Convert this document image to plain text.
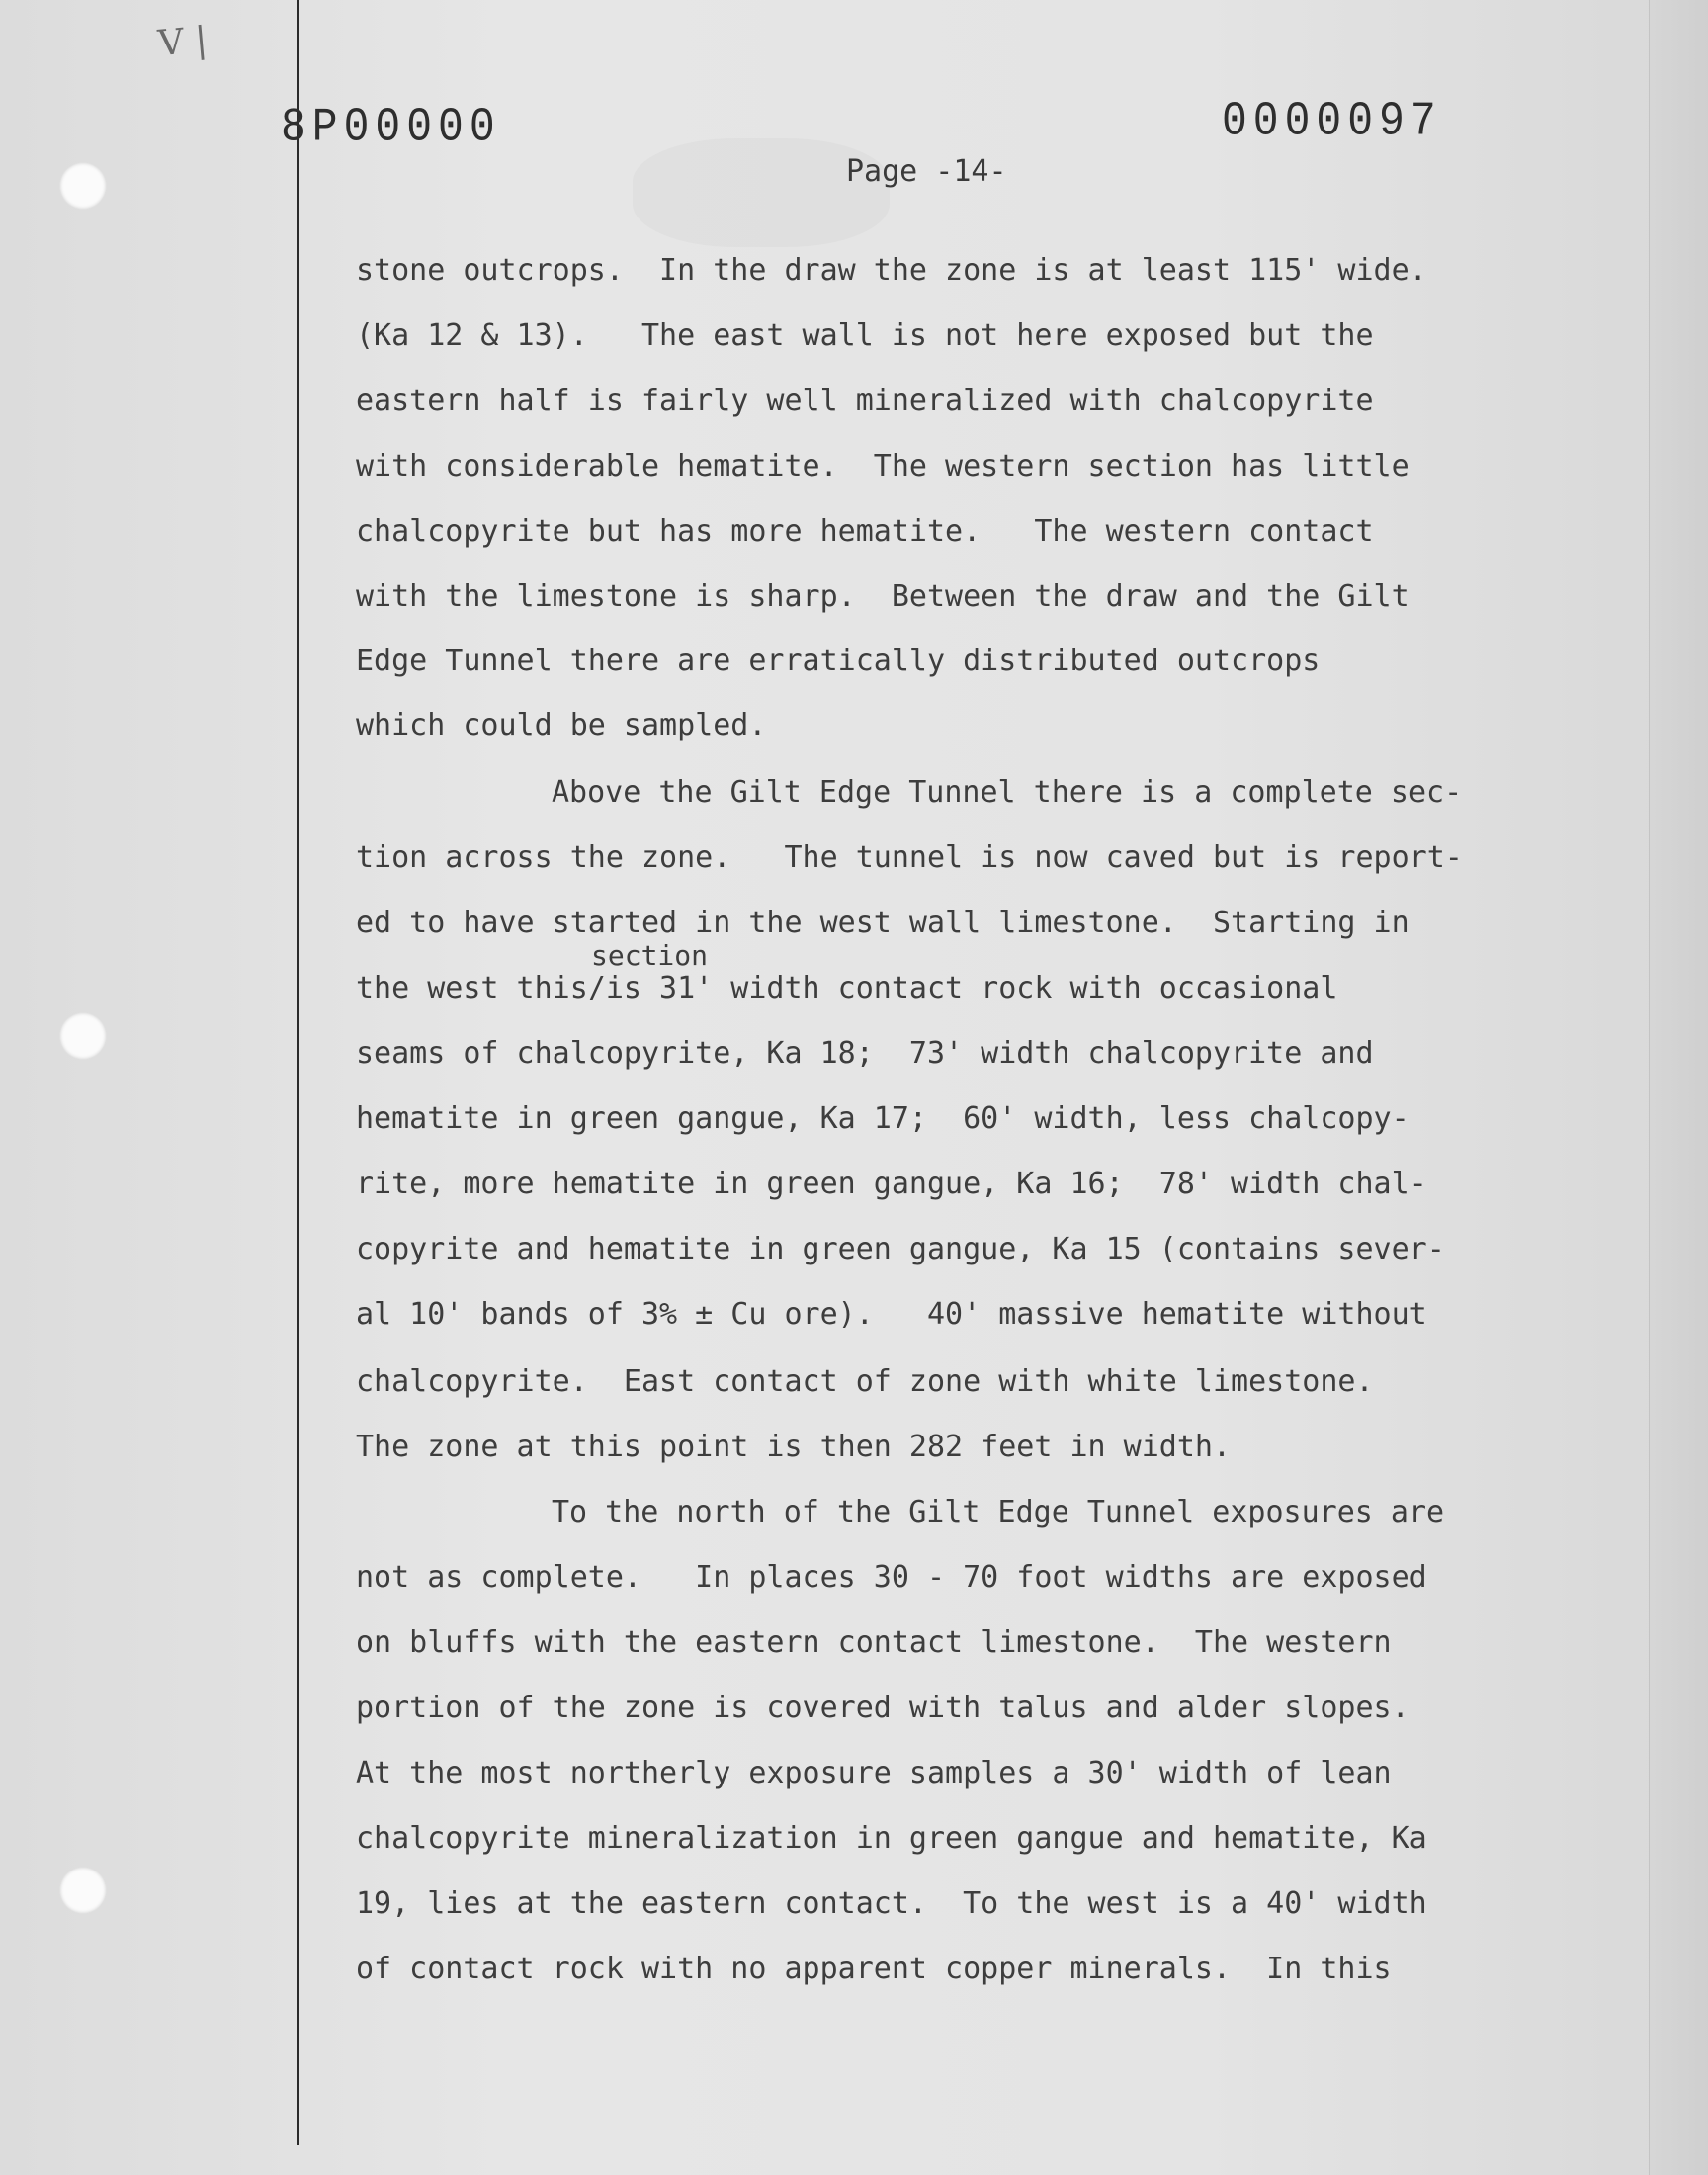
V |
8P00000	0000097
Page -14-
stone outcrops.  In the draw the zone is at least 115' wide.
(Ka 12 & 13).   The east wall is not here exposed but the
eastern half is fairly well mineralized with chalcopyrite
with considerable hematite.  The western section has little
chalcopyrite but has more hematite.   The western contact
with the limestone is sharp.  Between the draw and the Gilt
Edge Tunnel there are erratically distributed outcrops
which could be sampled.
Above the Gilt Edge Tunnel there is a complete sec-
tion across the zone.   The tunnel is now caved but is report-
ed to have started in the west wall limestone.  Starting in
section
the west this/is 31' width contact rock with occasional
seams of chalcopyrite, Ka 18;  73' width chalcopyrite and
hematite in green gangue, Ka 17;  60' width, less chalcopy-
rite, more hematite in green gangue, Ka 16;  78' width chal-
copyrite and hematite in green gangue, Ka 15 (contains sever-
al 10' bands of 3% ± Cu ore).   40' massive hematite without
chalcopyrite.  East contact of zone with white limestone.
The zone at this point is then 282 feet in width.
To the north of the Gilt Edge Tunnel exposures are
not as complete.   In places 30 - 70 foot widths are exposed
on bluffs with the eastern contact limestone.  The western
portion of the zone is covered with talus and alder slopes.
At the most northerly exposure samples a 30' width of lean
chalcopyrite mineralization in green gangue and hematite, Ka
19, lies at the eastern contact.  To the west is a 40' width
of contact rock with no apparent copper minerals.  In this
